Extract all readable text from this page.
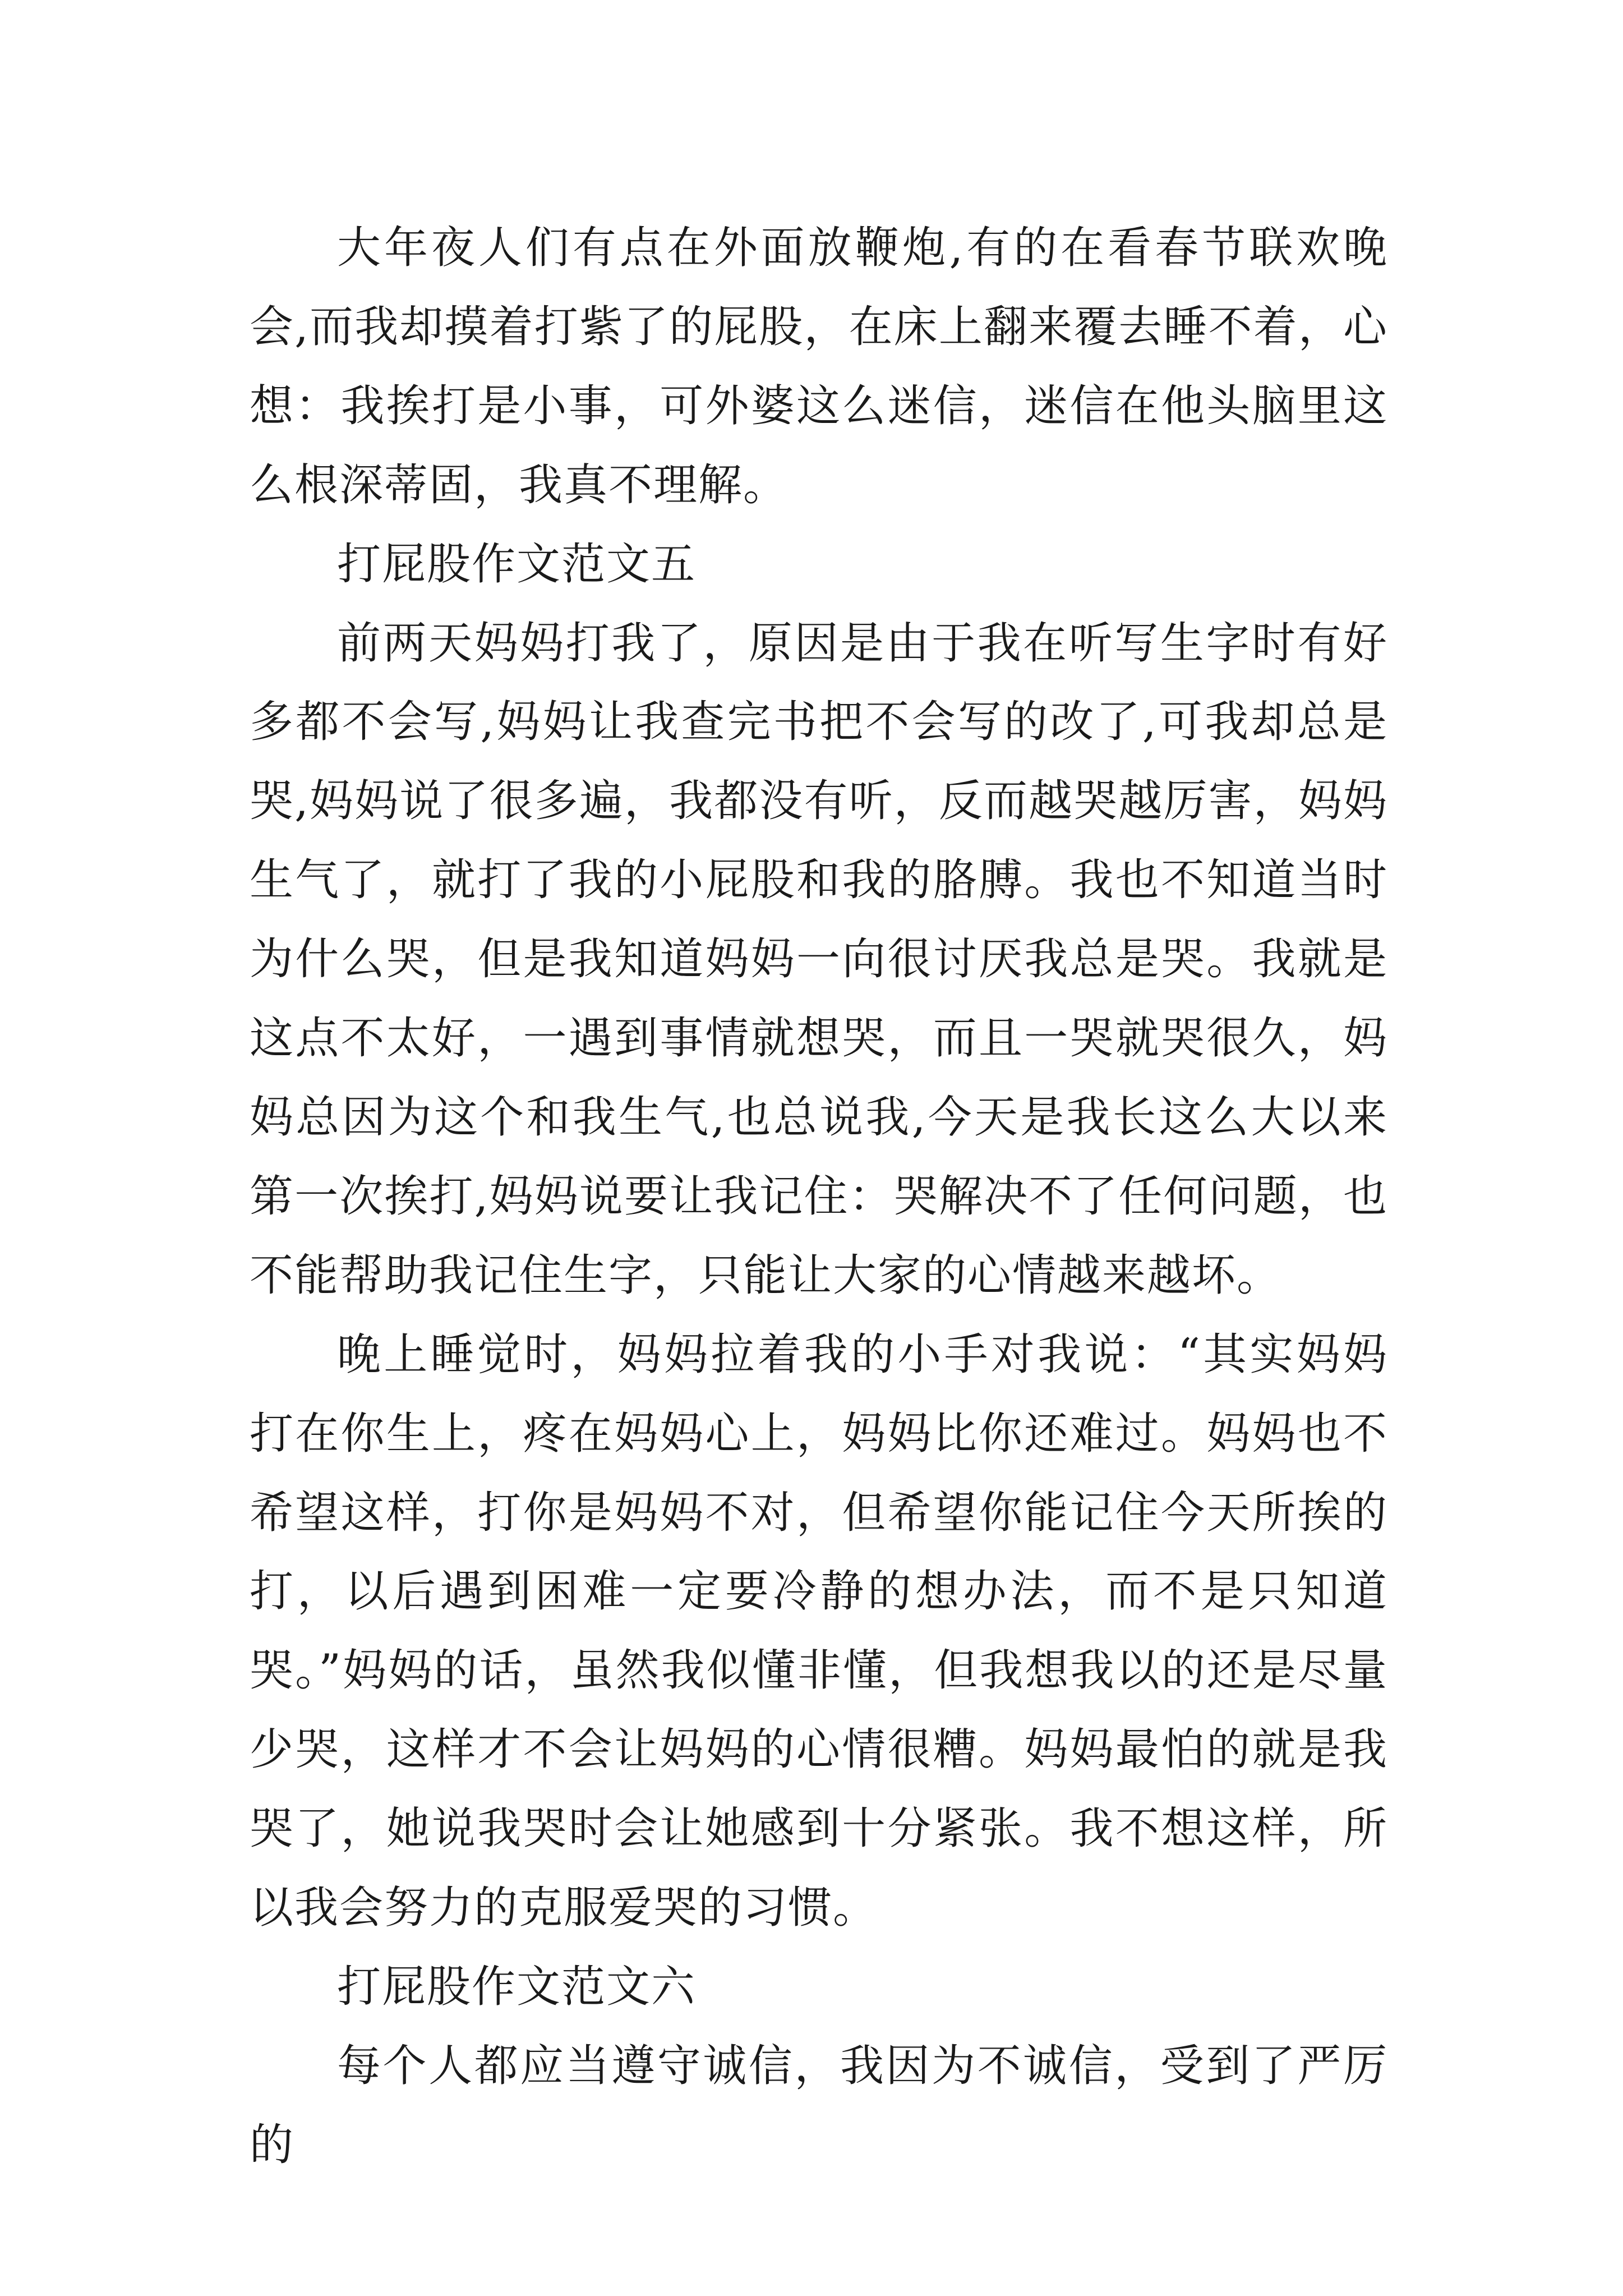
大年夜人们有点在外面放鞭炮,有的在看春节联欢晚会,而我却摸着打紫了的屁股，在床上翻来覆去睡不着，心想：我挨打是小事，可外婆这么迷信，迷信在他头脑里这么根深蒂固，我真不理解。

打屁股作文范文五

前两天妈妈打我了，原因是由于我在听写生字时有好多都不会写,妈妈让我查完书把不会写的改了,可我却总是哭,妈妈说了很多遍，我都没有听，反而越哭越厉害，妈妈生气了，就打了我的小屁股和我的胳膊。我也不知道当时为什么哭，但是我知道妈妈一向很讨厌我总是哭。我就是这点不太好，一遇到事情就想哭，而且一哭就哭很久，妈妈总因为这个和我生气,也总说我,今天是我长这么大以来第一次挨打,妈妈说要让我记住：哭解决不了任何问题，也不能帮助我记住生字，只能让大家的心情越来越坏。

晚上睡觉时，妈妈拉着我的小手对我说：“其实妈妈打在你生上，疼在妈妈心上，妈妈比你还难过。妈妈也不希望这样，打你是妈妈不对，但希望你能记住今天所挨的打，以后遇到困难一定要冷静的想办法，而不是只知道哭。”妈妈的话，虽然我似懂非懂，但我想我以的还是尽量少哭，这样才不会让妈妈的心情很糟。妈妈最怕的就是我哭了，她说我哭时会让她感到十分紧张。我不想这样，所以我会努力的克服爱哭的习惯。

打屁股作文范文六

每个人都应当遵守诚信，我因为不诚信，受到了严厉的
